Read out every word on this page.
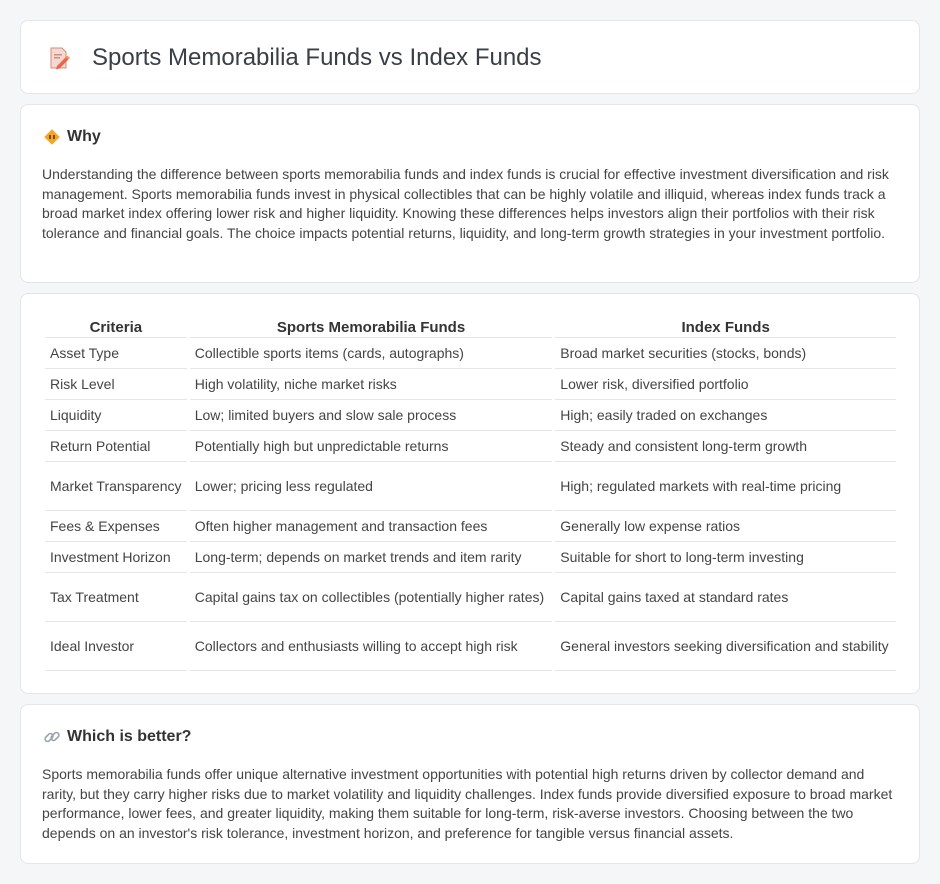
Sports Memorabilia Funds vs Index Funds
Why

Understanding the difference between sports memorabilia funds and index funds is crucial for effective investment diversification and risk management. Sports memorabilia funds invest in physical collectibles that can be highly volatile and illiquid, whereas index funds track a broad market index offering lower risk and higher liquidity. Knowing these differences helps investors align their portfolios with their risk tolerance and financial goals. The choice impacts potential returns, liquidity, and long-term growth strategies in your investment portfolio.

Criteria	Sports Memorabilia Funds	Index Funds
Asset Type	Collectible sports items (cards, autographs)	Broad market securities (stocks, bonds)
Risk Level	High volatility, niche market risks	Lower risk, diversified portfolio
Liquidity	Low; limited buyers and slow sale process	High; easily traded on exchanges
Return Potential	Potentially high but unpredictable returns	Steady and consistent long-term growth
Market Transparency	Lower; pricing less regulated	High; regulated markets with real-time pricing
Fees & Expenses	Often higher management and transaction fees	Generally low expense ratios
Investment Horizon	Long-term; depends on market trends and item rarity	Suitable for short to long-term investing
Tax Treatment	Capital gains tax on collectibles (potentially higher rates)	Capital gains taxed at standard rates
Ideal Investor	Collectors and enthusiasts willing to accept high risk	General investors seeking diversification and stability
Which is better?

Sports memorabilia funds offer unique alternative investment opportunities with potential high returns driven by collector demand and rarity, but they carry higher risks due to market volatility and liquidity challenges. Index funds provide diversified exposure to broad market performance, lower fees, and greater liquidity, making them suitable for long-term, risk-averse investors. Choosing between the two depends on an investor's risk tolerance, investment horizon, and preference for tangible versus financial assets.
